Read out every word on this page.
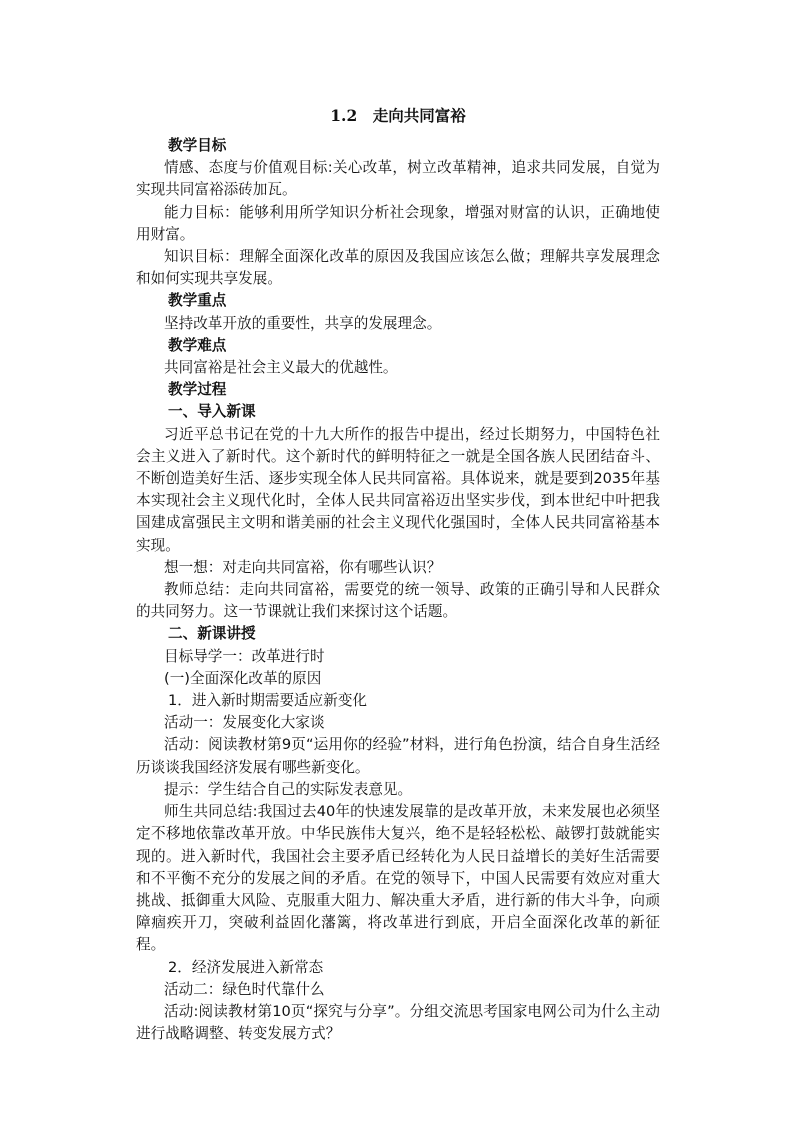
1.2　走向共同富裕
教学目标
情感、态度与价值观目标:关心改革，树立改革精神，追求共同发展，自觉为实现共同富裕添砖加瓦。
能力目标：能够利用所学知识分析社会现象，增强对财富的认识，正确地使用财富。
知识目标：理解全面深化改革的原因及我国应该怎么做；理解共享发展理念和如何实现共享发展。
教学重点
坚持改革开放的重要性，共享的发展理念。
教学难点
共同富裕是社会主义最大的优越性。
教学过程
一、导入新课
习近平总书记在党的十九大所作的报告中提出，经过长期努力，中国特色社会主义进入了新时代。这个新时代的鲜明特征之一就是全国各族人民团结奋斗、不断创造美好生活、逐步实现全体人民共同富裕。具体说来，就是要到2035年基本实现社会主义现代化时，全体人民共同富裕迈出坚实步伐，到本世纪中叶把我国建成富强民主文明和谐美丽的社会主义现代化强国时，全体人民共同富裕基本实现。
想一想：对走向共同富裕，你有哪些认识？
教师总结：走向共同富裕，需要党的统一领导、政策的正确引导和人民群众的共同努力。这一节课就让我们来探讨这个话题。
二、新课讲授
目标导学一：改革进行时
(一)全面深化改革的原因
1．进入新时期需要适应新变化
活动一：发展变化大家谈
活动：阅读教材第9页“运用你的经验”材料，进行角色扮演，结合自身生活经历谈谈我国经济发展有哪些新变化。
提示：学生结合自己的实际发表意见。
师生共同总结:我国过去40年的快速发展靠的是改革开放，未来发展也必须坚定不移地依靠改革开放。中华民族伟大复兴，绝不是轻轻松松、敲锣打鼓就能实现的。进入新时代，我国社会主要矛盾已经转化为人民日益增长的美好生活需要和不平衡不充分的发展之间的矛盾。在党的领导下，中国人民需要有效应对重大挑战、抵御重大风险、克服重大阻力、解决重大矛盾，进行新的伟大斗争，向顽障痼疾开刀，突破利益固化藩篱，将改革进行到底，开启全面深化改革的新征程。
2．经济发展进入新常态
活动二：绿色时代靠什么
活动:阅读教材第10页“探究与分享”。分组交流思考国家电网公司为什么主动进行战略调整、转变发展方式？
